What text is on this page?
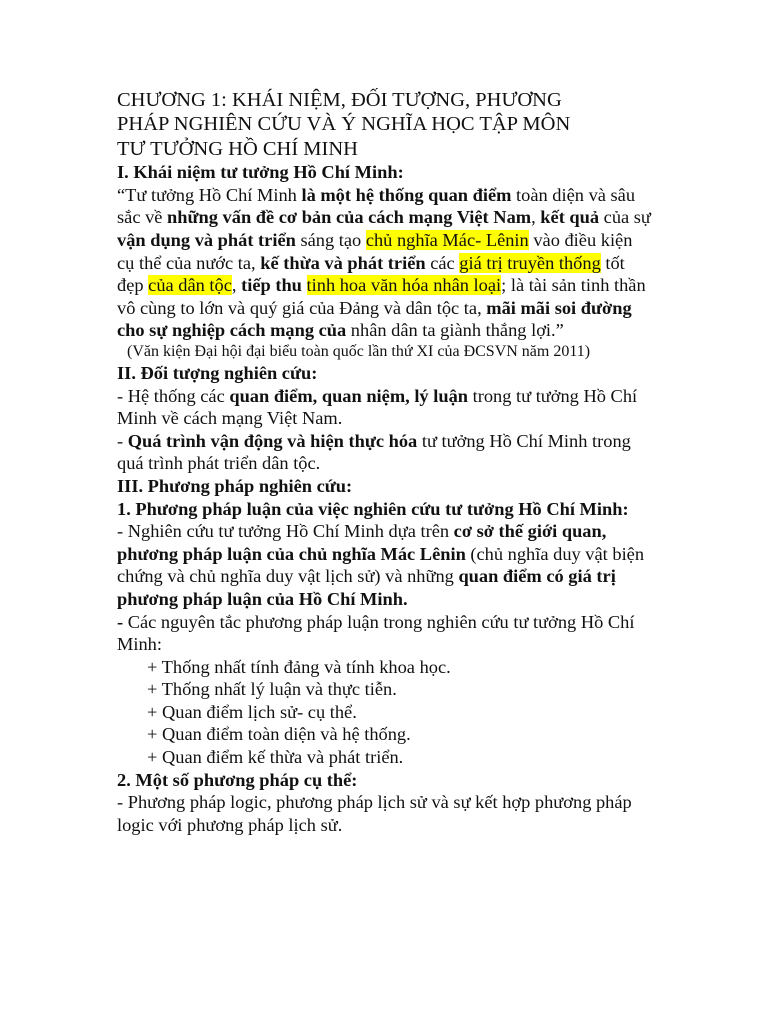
CHƯƠNG 1: KHÁI NIỆM, ĐỐI TƯỢNG, PHƯƠNG
PHÁP NGHIÊN CỨU VÀ Ý NGHĨA HỌC TẬP MÔN
TƯ TƯỞNG HỒ CHÍ MINH
I. Khái niệm tư tưởng Hồ Chí Minh:
“Tư tưởng Hồ Chí Minh là một hệ thống quan điểm toàn diện và sâu sắc về những vấn đề cơ bản của cách mạng Việt Nam, kết quả của sự vận dụng và phát triển sáng tạo chủ nghĩa Mác- Lênin vào điều kiện cụ thể của nước ta, kế thừa và phát triển các giá trị truyền thống tốt đẹp của dân tộc, tiếp thu tinh hoa văn hóa nhân loại; là tài sản tinh thần vô cùng to lớn và quý giá của Đảng và dân tộc ta, mãi mãi soi đường cho sự nghiệp cách mạng của nhân dân ta giành thắng lợi.”
(Văn kiện Đại hội đại biểu toàn quốc lần thứ XI của ĐCSVN năm 2011)
II. Đối tượng nghiên cứu:
- Hệ thống các quan điểm, quan niệm, lý luận trong tư tưởng Hồ Chí Minh về cách mạng Việt Nam.
- Quá trình vận động và hiện thực hóa tư tưởng Hồ Chí Minh trong quá trình phát triển dân tộc.
III. Phương pháp nghiên cứu:
1. Phương pháp luận của việc nghiên cứu tư tưởng Hồ Chí Minh:
- Nghiên cứu tư tưởng Hồ Chí Minh dựa trên cơ sở thế giới quan, phương pháp luận của chủ nghĩa Mác Lênin (chủ nghĩa duy vật biện chứng và chủ nghĩa duy vật lịch sử) và những quan điểm có giá trị phương pháp luận của Hồ Chí Minh.
- Các nguyên tắc phương pháp luận trong nghiên cứu tư tưởng Hồ Chí Minh:
+ Thống nhất tính đảng và tính khoa học.
+ Thống nhất lý luận và thực tiễn.
+ Quan điểm lịch sử- cụ thể.
+ Quan điểm toàn diện và hệ thống.
+ Quan điểm kế thừa và phát triển.
2. Một số phương pháp cụ thể:
- Phương pháp logic, phương pháp lịch sử và sự kết hợp phương pháp logic với phương pháp lịch sử.
